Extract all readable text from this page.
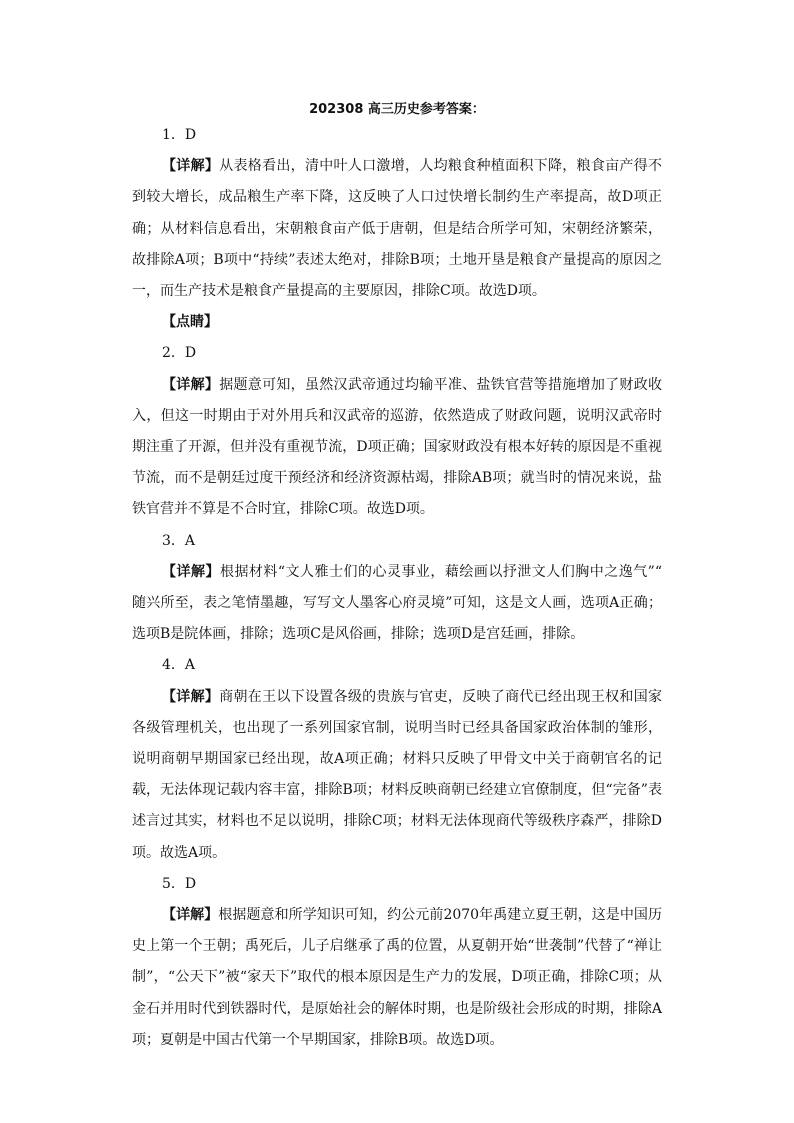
202308 高三历史参考答案：
1．D
【详解】从表格看出，清中叶人口激增，人均粮食种植面积下降，粮食亩产得不到较大增长，成品粮生产率下降，这反映了人口过快增长制约生产率提高，故D项正确；从材料信息看出，宋朝粮食亩产低于唐朝，但是结合所学可知，宋朝经济繁荣，故排除A项；B项中“持续”表述太绝对，排除B项；土地开垦是粮食产量提高的原因之一，而生产技术是粮食产量提高的主要原因，排除C项。故选D项。
【点睛】
2．D
【详解】据题意可知，虽然汉武帝通过均输平准、盐铁官营等措施增加了财政收入，但这一时期由于对外用兵和汉武帝的巡游，依然造成了财政问题，说明汉武帝时期注重了开源，但并没有重视节流，D项正确；国家财政没有根本好转的原因是不重视节流，而不是朝廷过度干预经济和经济资源枯竭，排除AB项；就当时的情况来说，盐铁官营并不算是不合时宜，排除C项。故选D项。
3．A
【详解】根据材料“文人雅士们的心灵事业，藉绘画以抒泄文人们胸中之逸气”“ 随兴所至，表之笔情墨趣，写写文人墨客心府灵境”可知，这是文人画，选项A正确；选项B是院体画，排除；选项C是风俗画，排除；选项D是宫廷画，排除。
4．A
【详解】商朝在王以下设置各级的贵族与官吏，反映了商代已经出现王权和国家各级管理机关，也出现了一系列国家官制，说明当时已经具备国家政治体制的雏形，说明商朝早期国家已经出现，故A项正确；材料只反映了甲骨文中关于商朝官名的记载，无法体现记载内容丰富，排除B项；材料反映商朝已经建立官僚制度，但“完备”表述言过其实，材料也不足以说明，排除C项；材料无法体现商代等级秩序森严，排除D项。故选A项。
5．D
【详解】根据题意和所学知识可知，约公元前2070年禹建立夏王朝，这是中国历史上第一个王朝；禹死后，儿子启继承了禹的位置，从夏朝开始“世袭制”代替了“禅让制”，“公天下”被“家天下”取代的根本原因是生产力的发展，D项正确，排除C项；从金石并用时代到铁器时代，是原始社会的解体时期，也是阶级社会形成的时期，排除A项；夏朝是中国古代第一个早期国家，排除B项。故选D项。
